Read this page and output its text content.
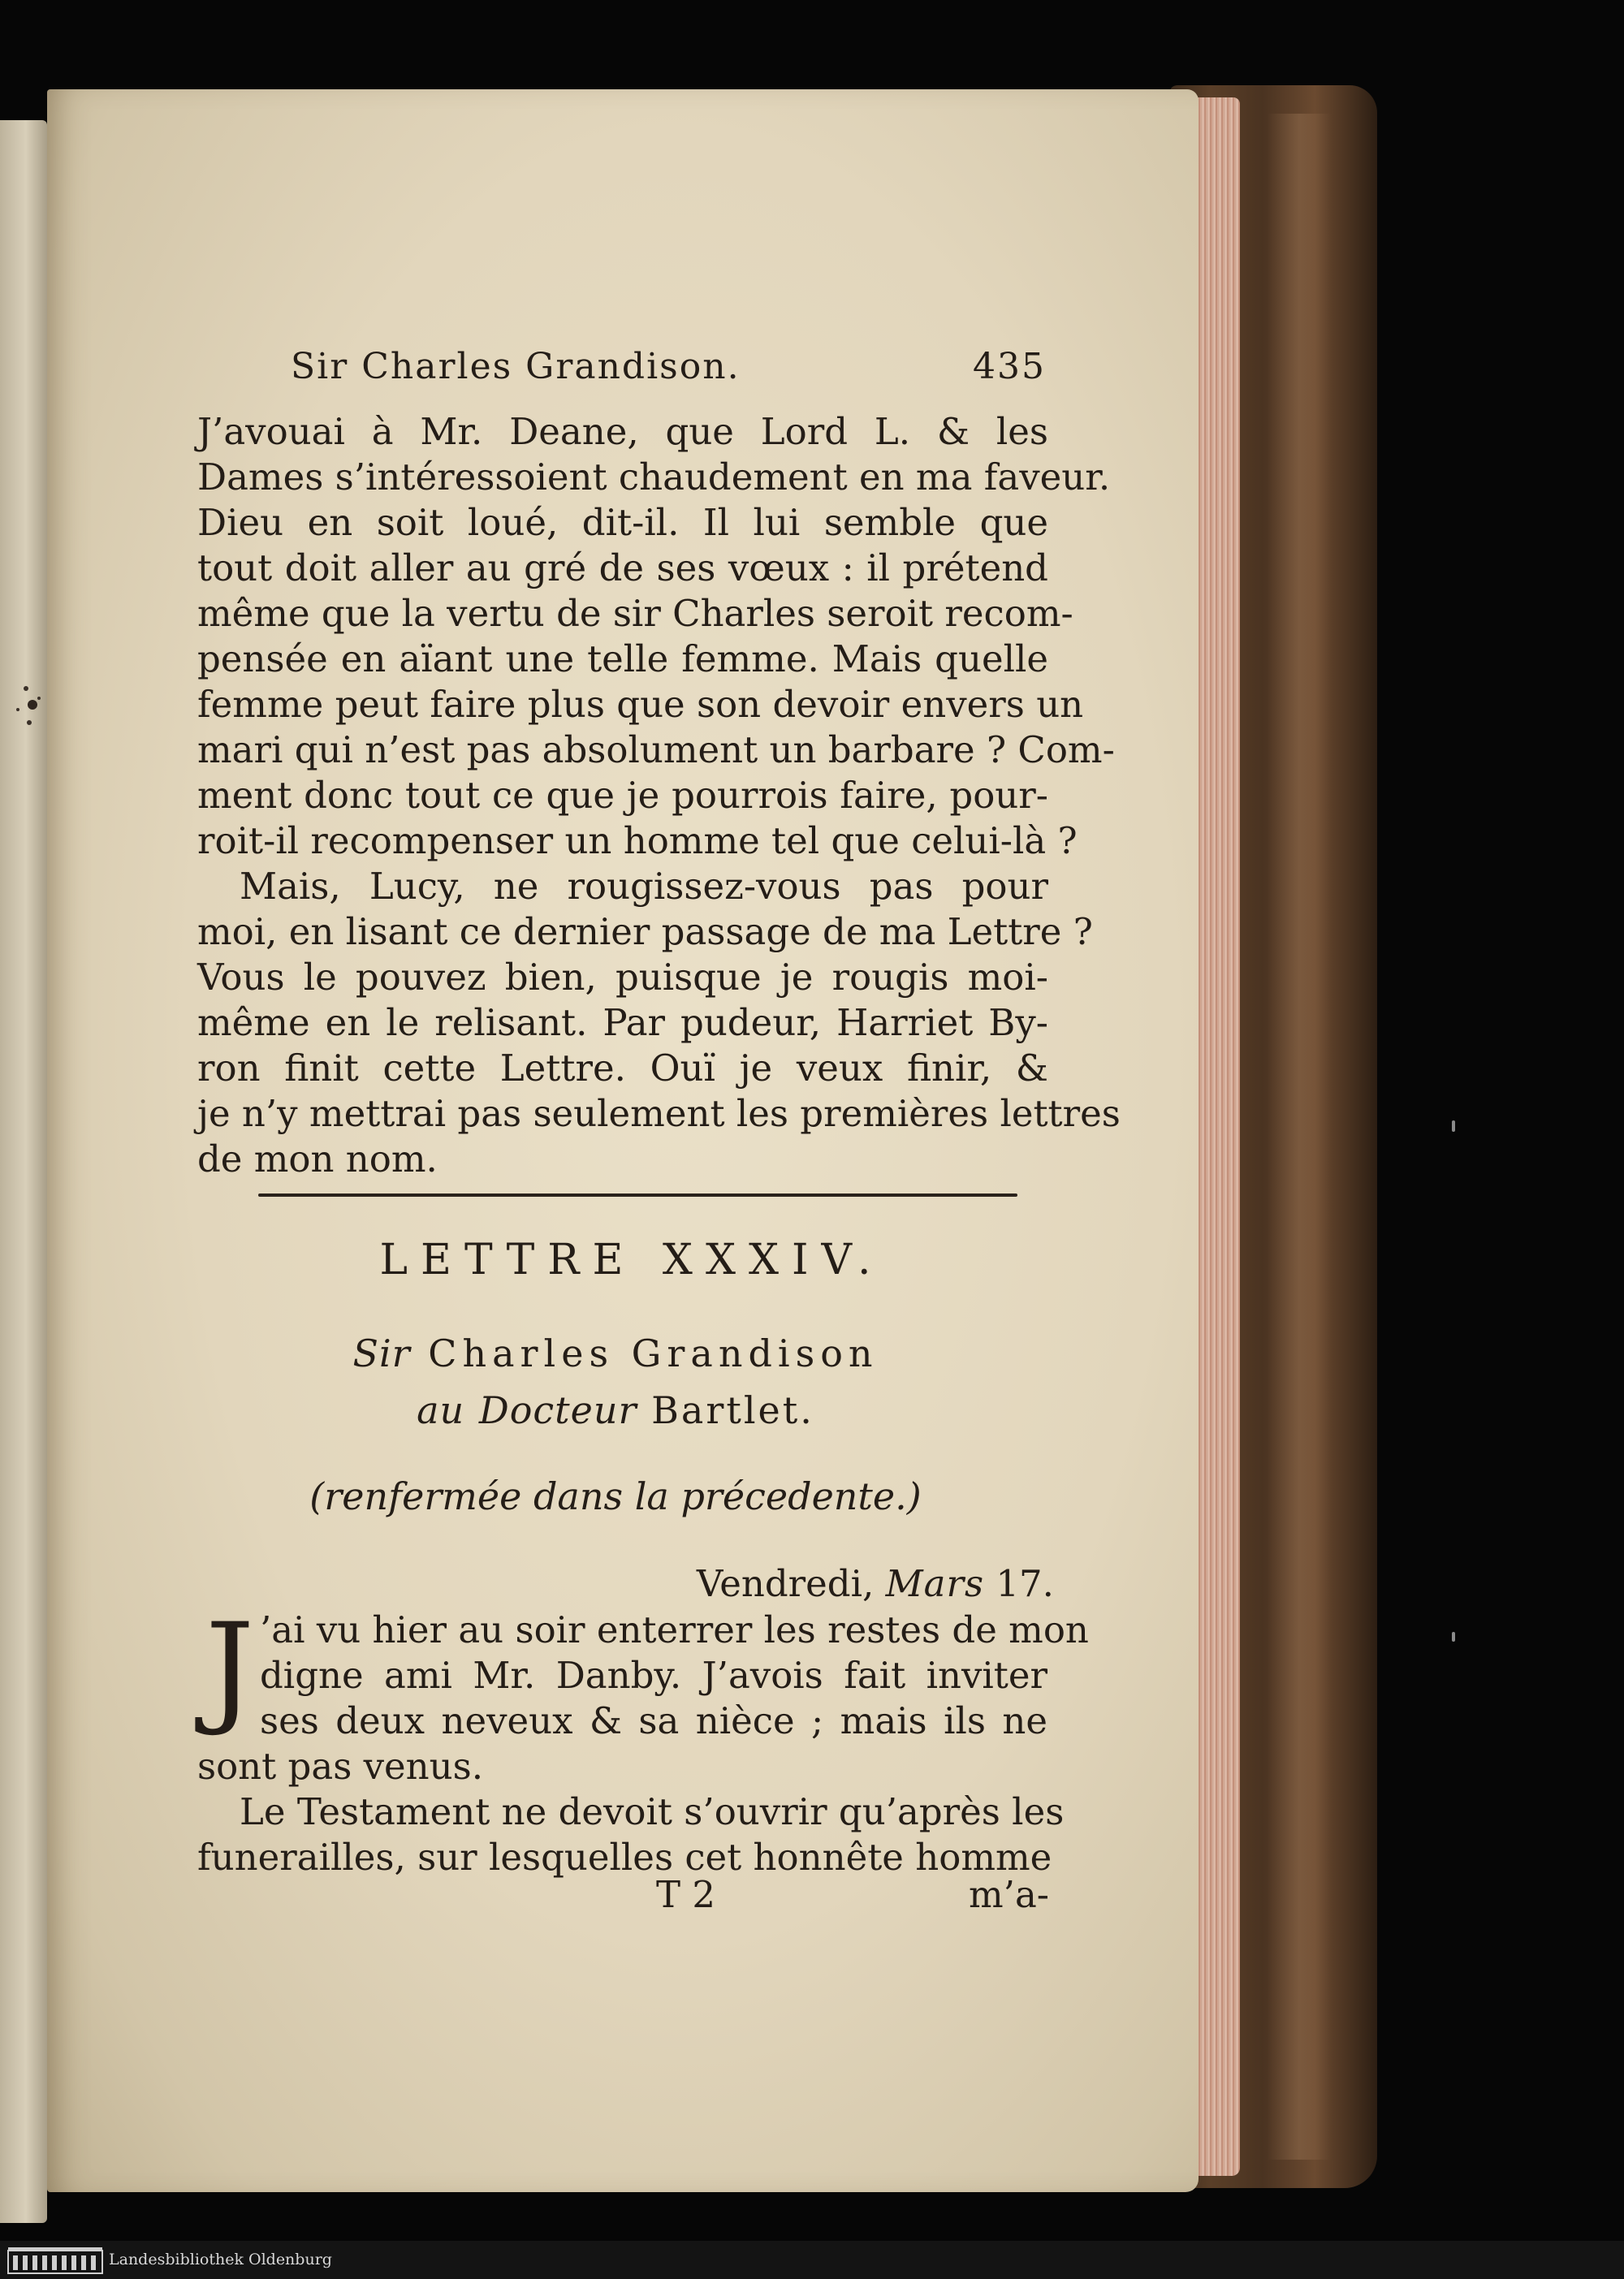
Sir Charles Grandison.	435
J’avouai à Mr. Deane, que Lord L. & les
Dames s’intéressoient chaudement en ma faveur.
Dieu en soit loué, dit-il. Il lui semble que
tout doit aller au gré de ses vœux : il prétend
même que la vertu de sir Charles seroit recom-
pensée en aïant une telle femme. Mais quelle
femme peut faire plus que son devoir envers un
mari qui n’est pas absolument un barbare ? Com-
ment donc tout ce que je pourrois faire, pour-
roit-il recompenser un homme tel que celui-là ?
Mais, Lucy, ne rougissez-vous pas pour
moi, en lisant ce dernier passage de ma Lettre ?
Vous le pouvez bien, puisque je rougis moi-
même en le relisant. Par pudeur, Harriet By-
ron finit cette Lettre. Ouï je veux finir, &
je n’y mettrai pas seulement les premières lettres
de mon nom.
LETTRE XXXIV.
Sir Charles Grandison
au Docteur Bartlet.
(renfermée dans la précedente.)
Vendredi, Mars 17.
J ’ai vu hier au soir enterrer les restes de mon
digne ami Mr. Danby. J’avois fait inviter
ses deux neveux & sa nièce ; mais ils ne
sont pas venus.
Le Testament ne devoit s’ouvrir qu’après les
funerailles, sur lesquelles cet honnête homme
T 2	m’a-
Landesbibliothek Oldenburg
